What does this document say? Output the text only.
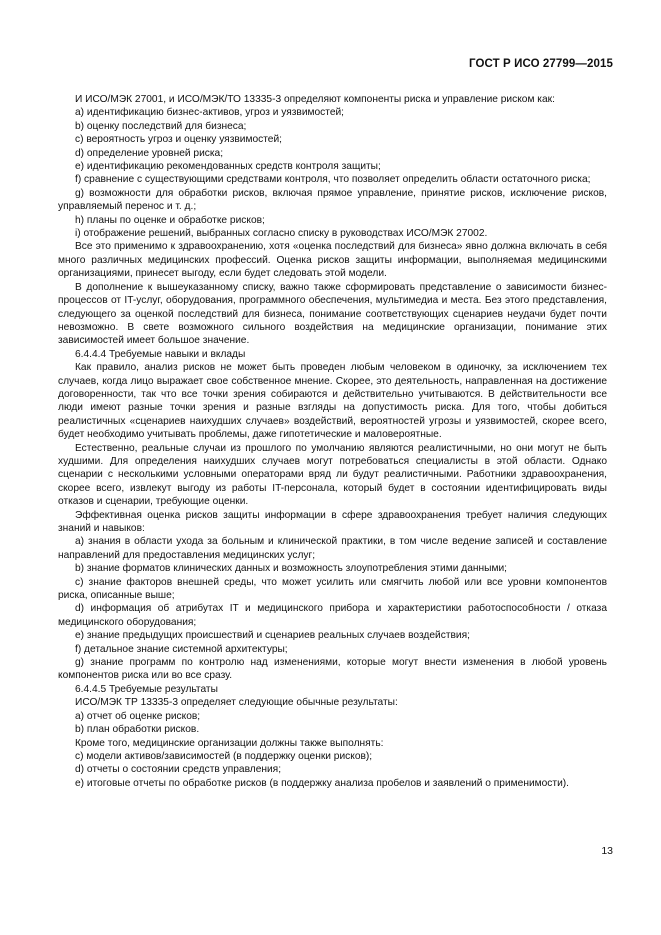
ГОСТ Р ИСО 27799—2015

И ИСО/МЭК 27001, и ИСО/МЭК/ТО 13335-3 определяют компоненты риска и управление риском как:

a) идентификацию бизнес-активов, угроз и уязвимостей;

b) оценку последствий для бизнеса;

c) вероятность угроз и оценку уязвимостей;

d) определение уровней риска;

e) идентификацию рекомендованных средств контроля защиты;

f) сравнение с существующими средствами контроля, что позволяет определить области остаточного риска;

g) возможности для обработки рисков, включая прямое управление, принятие рисков, исключение рисков, управляемый перенос и т. д.;

h) планы по оценке и обработке рисков;

i) отображение решений, выбранных согласно списку в руководствах ИСО/МЭК 27002.

Все это применимо к здравоохранению, хотя «оценка последствий для бизнеса» явно должна включать в себя много различных медицинских профессий. Оценка рисков защиты информации, выполняемая медицинскими организациями, принесет выгоду, если будет следовать этой модели.

В дополнение к вышеуказанному списку, важно также сформировать представление о зависимости бизнес-процессов от IT-услуг, оборудования, программного обеспечения, мультимедиа и места. Без этого представления, следующего за оценкой последствий для бизнеса, понимание соответствующих сценариев неудачи будет почти невозможно. В свете возможного сильного воздействия на медицинские организации, понимание этих зависимостей имеет большое значение.

6.4.4.4 Требуемые навыки и вклады

Как правило, анализ рисков не может быть проведен любым человеком в одиночку, за исключением тех случаев, когда лицо выражает свое собственное мнение. Скорее, это деятельность, направленная на достижение договоренности, так что все точки зрения собираются и действительно учитываются. В действительности все люди имеют разные точки зрения и разные взгляды на допустимость риска. Для того, чтобы добиться реалистичных «сценариев наихудших случаев» воздействий, вероятностей угрозы и уязвимостей, скорее всего, будет необходимо учитывать проблемы, даже гипотетические и маловероятные.

Естественно, реальные случаи из прошлого по умолчанию являются реалистичными, но они могут не быть худшими. Для определения наихудших случаев могут потребоваться специалисты в этой области. Однако сценарии с несколькими условными операторами вряд ли будут реалистичными. Работники здравоохранения, скорее всего, извлекут выгоду из работы IT-персонала, который будет в состоянии идентифицировать виды отказов и сценарии, требующие оценки.

Эффективная оценка рисков защиты информации в сфере здравоохранения требует наличия следующих знаний и навыков:

a) знания в области ухода за больным и клинической практики, в том числе ведение записей и составление направлений для предоставления медицинских услуг;

b) знание форматов клинических данных и возможность злоупотребления этими данными;

c) знание факторов внешней среды, что может усилить или смягчить любой или все уровни компонентов риска, описанные выше;

d) информация об атрибутах IT и медицинского прибора и характеристики работоспособности / отказа медицинского оборудования;

e) знание предыдущих происшествий и сценариев реальных случаев воздействия;

f) детальное знание системной архитектуры;

g) знание программ по контролю над изменениями, которые могут внести изменения в любой уровень компонентов риска или во все сразу.

6.4.4.5 Требуемые результаты

ИСО/МЭК ТР 13335-3 определяет следующие обычные результаты:

a) отчет об оценке рисков;

b) план обработки рисков.

Кроме того, медицинские организации должны также выполнять:

c) модели активов/зависимостей (в поддержку оценки рисков);

d) отчеты о состоянии средств управления;

e) итоговые отчеты по обработке рисков (в поддержку анализа пробелов и заявлений о применимости).

13
